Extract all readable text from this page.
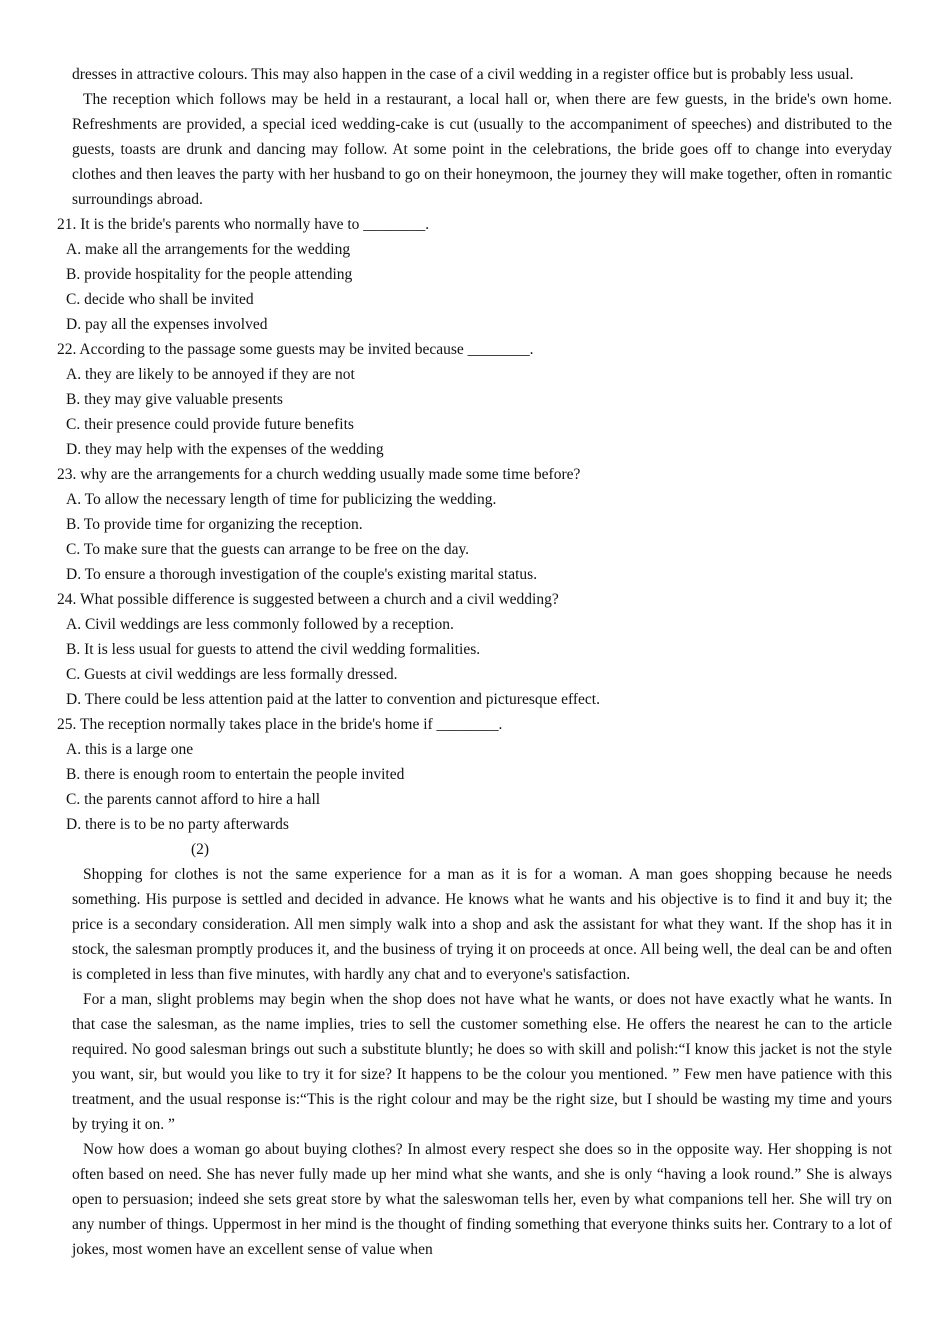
dresses in attractive colours. This may also happen in the case of a civil wedding in a register office but is probably less usual.

The reception which follows may be held in a restaurant, a local hall or, when there are few guests, in the bride's own home. Refreshments are provided, a special iced wedding-cake is cut (usually to the accompaniment of speeches) and distributed to the guests, toasts are drunk and dancing may follow. At some point in the celebrations, the bride goes off to change into everyday clothes and then leaves the party with her husband to go on their honeymoon, the journey they will make together, often in romantic surroundings abroad.

21. It is the bride's parents who normally have to ________.

A. make all the arrangements for the wedding

B. provide hospitality for the people attending

C. decide who shall be invited

D. pay all the expenses involved

22. According to the passage some guests may be invited because ________.

A. they are likely to be annoyed if they are not

B. they may give valuable presents

C. their presence could provide future benefits

D. they may help with the expenses of the wedding

23. why are the arrangements for a church wedding usually made some time before?

A. To allow the necessary length of time for publicizing the wedding.

B. To provide time for organizing the reception.

C. To make sure that the guests can arrange to be free on the day.

D. To ensure a thorough investigation of the couple's existing marital status.

24. What possible difference is suggested between a church and a civil wedding?

A. Civil weddings are less commonly followed by a reception.

B. It is less usual for guests to attend the civil wedding formalities.

C. Guests at civil weddings are less formally dressed.

D. There could be less attention paid at the latter to convention and picturesque effect.

25. The reception normally takes place in the bride's home if ________.

A. this is a large one

B. there is enough room to entertain the people invited

C. the parents cannot afford to hire a hall

D. there is to be no party afterwards

(2)

Shopping for clothes is not the same experience for a man as it is for a woman. A man goes shopping because he needs something. His purpose is settled and decided in advance. He knows what he wants and his objective is to find it and buy it; the price is a secondary consideration. All men simply walk into a shop and ask the assistant for what they want. If the shop has it in stock, the salesman promptly produces it, and the business of trying it on proceeds at once. All being well, the deal can be and often is completed in less than five minutes, with hardly any chat and to everyone's satisfaction.

For a man, slight problems may begin when the shop does not have what he wants, or does not have exactly what he wants. In that case the salesman, as the name implies, tries to sell the customer something else. He offers the nearest he can to the article required. No good salesman brings out such a substitute bluntly; he does so with skill and polish:“I know this jacket is not the style you want, sir, but would you like to try it for size? It happens to be the colour you mentioned. ” Few men have patience with this treatment, and the usual response is:“This is the right colour and may be the right size, but I should be wasting my time and yours by trying it on. ”

Now how does a woman go about buying clothes? In almost every respect she does so in the opposite way. Her shopping is not often based on need. She has never fully made up her mind what she wants, and she is only “having a look round.” She is always open to persuasion; indeed she sets great store by what the saleswoman tells her, even by what companions tell her. She will try on any number of things. Uppermost in her mind is the thought of finding something that everyone thinks suits her. Contrary to a lot of jokes, most women have an excellent sense of value when
